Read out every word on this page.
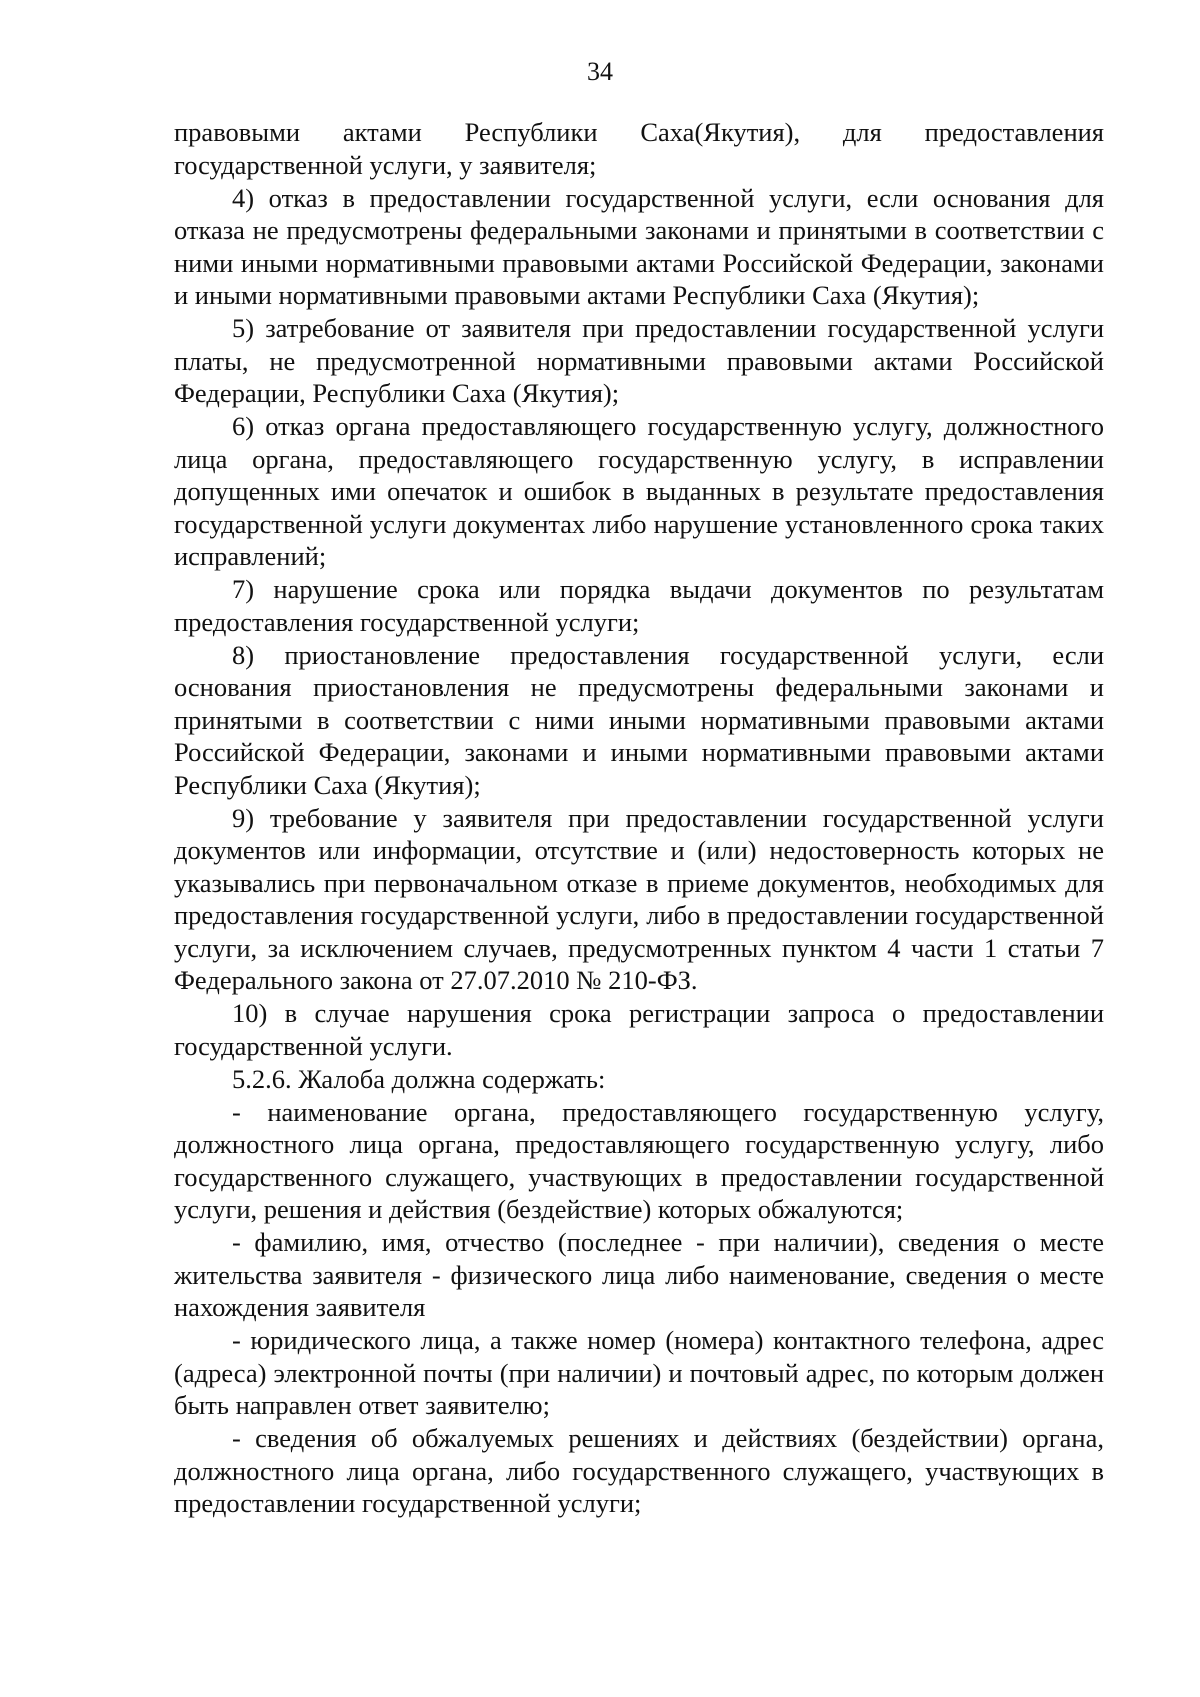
34

правовыми актами Республики Саха(Якутия), для предоставления государственной услуги, у заявителя;

4) отказ в предоставлении государственной услуги, если основания для отказа не предусмотрены федеральными законами и принятыми в соответствии с ними иными нормативными правовыми актами Российской Федерации, законами и иными нормативными правовыми актами Республики Саха (Якутия);

5) затребование от заявителя при предоставлении государственной услуги платы, не предусмотренной нормативными правовыми актами Российской Федерации, Республики Саха (Якутия);

6) отказ органа предоставляющего государственную услугу, должностного лица органа, предоставляющего государственную услугу, в исправлении допущенных ими опечаток и ошибок в выданных в результате предоставления государственной услуги документах либо нарушение установленного срока таких исправлений;

7) нарушение срока или порядка выдачи документов по результатам предоставления государственной услуги;

8) приостановление предоставления государственной услуги, если основания приостановления не предусмотрены федеральными законами и принятыми в соответствии с ними иными нормативными правовыми актами Российской Федерации, законами и иными нормативными правовыми актами Республики Саха (Якутия);

9) требование у заявителя при предоставлении государственной услуги документов или информации, отсутствие и (или) недостоверность которых не указывались при первоначальном отказе в приеме документов, необходимых для предоставления государственной услуги, либо в предоставлении государственной услуги, за исключением случаев, предусмотренных пунктом 4 части 1 статьи 7 Федерального закона от 27.07.2010 № 210-ФЗ.

10) в случае нарушения срока регистрации запроса о предоставлении государственной услуги.

5.2.6. Жалоба должна содержать:

- наименование органа, предоставляющего государственную услугу, должностного лица органа, предоставляющего государственную услугу, либо государственного служащего, участвующих в предоставлении государственной услуги, решения и действия (бездействие) которых обжалуются;

- фамилию, имя, отчество (последнее - при наличии), сведения о месте жительства заявителя - физического лица либо наименование, сведения о месте нахождения заявителя

- юридического лица, а также номер (номера) контактного телефона, адрес (адреса) электронной почты (при наличии) и почтовый адрес, по которым должен быть направлен ответ заявителю;

- сведения об обжалуемых решениях и действиях (бездействии) органа, должностного лица органа, либо государственного служащего, участвующих в предоставлении государственной услуги;
